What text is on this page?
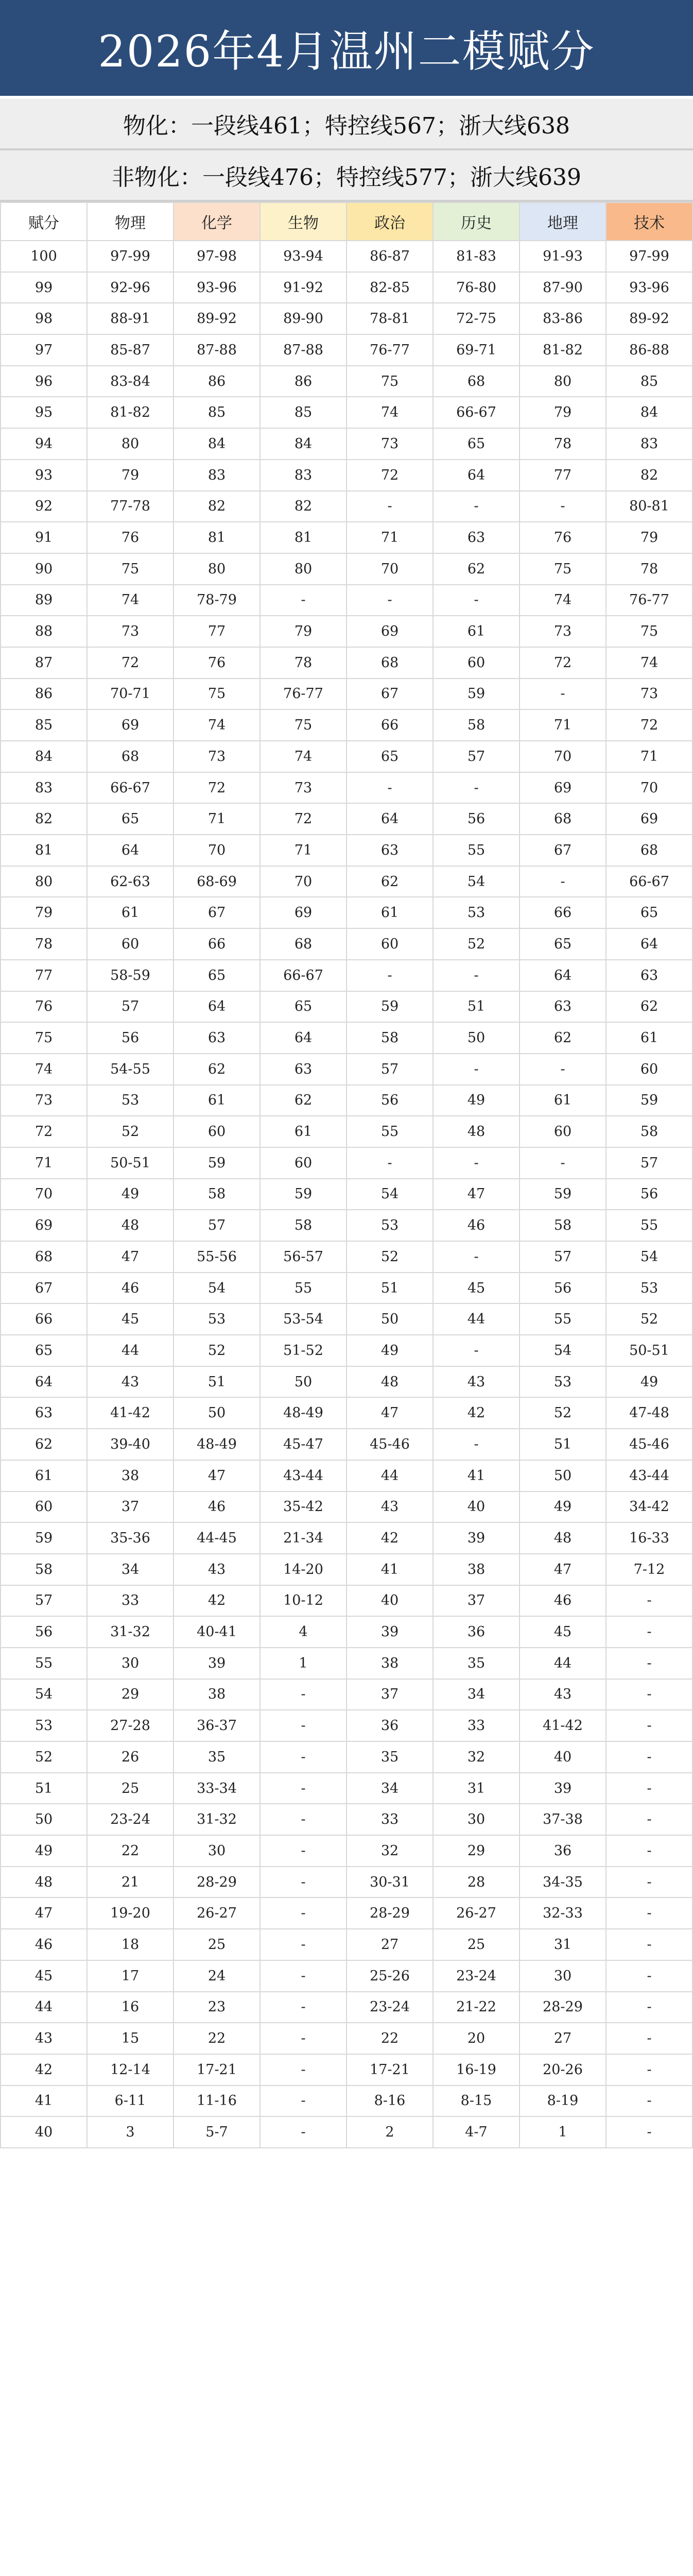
2026年4月温州二模赋分
物化：一段线461；特控线567；浙大线638
非物化：一段线476；特控线577；浙大线639
赋分	物理	化学	生物	政治	历史	地理	技术
100	97-99	97-98	93-94	86-87	81-83	91-93	97-99
99	92-96	93-96	91-92	82-85	76-80	87-90	93-96
98	88-91	89-92	89-90	78-81	72-75	83-86	89-92
97	85-87	87-88	87-88	76-77	69-71	81-82	86-88
96	83-84	86	86	75	68	80	85
95	81-82	85	85	74	66-67	79	84
94	80	84	84	73	65	78	83
93	79	83	83	72	64	77	82
92	77-78	82	82	-	-	-	80-81
91	76	81	81	71	63	76	79
90	75	80	80	70	62	75	78
89	74	78-79	-	-	-	74	76-77
88	73	77	79	69	61	73	75
87	72	76	78	68	60	72	74
86	70-71	75	76-77	67	59	-	73
85	69	74	75	66	58	71	72
84	68	73	74	65	57	70	71
83	66-67	72	73	-	-	69	70
82	65	71	72	64	56	68	69
81	64	70	71	63	55	67	68
80	62-63	68-69	70	62	54	-	66-67
79	61	67	69	61	53	66	65
78	60	66	68	60	52	65	64
77	58-59	65	66-67	-	-	64	63
76	57	64	65	59	51	63	62
75	56	63	64	58	50	62	61
74	54-55	62	63	57	-	-	60
73	53	61	62	56	49	61	59
72	52	60	61	55	48	60	58
71	50-51	59	60	-	-	-	57
70	49	58	59	54	47	59	56
69	48	57	58	53	46	58	55
68	47	55-56	56-57	52	-	57	54
67	46	54	55	51	45	56	53
66	45	53	53-54	50	44	55	52
65	44	52	51-52	49	-	54	50-51
64	43	51	50	48	43	53	49
63	41-42	50	48-49	47	42	52	47-48
62	39-40	48-49	45-47	45-46	-	51	45-46
61	38	47	43-44	44	41	50	43-44
60	37	46	35-42	43	40	49	34-42
59	35-36	44-45	21-34	42	39	48	16-33
58	34	43	14-20	41	38	47	7-12
57	33	42	10-12	40	37	46	-
56	31-32	40-41	4	39	36	45	-
55	30	39	1	38	35	44	-
54	29	38	-	37	34	43	-
53	27-28	36-37	-	36	33	41-42	-
52	26	35	-	35	32	40	-
51	25	33-34	-	34	31	39	-
50	23-24	31-32	-	33	30	37-38	-
49	22	30	-	32	29	36	-
48	21	28-29	-	30-31	28	34-35	-
47	19-20	26-27	-	28-29	26-27	32-33	-
46	18	25	-	27	25	31	-
45	17	24	-	25-26	23-24	30	-
44	16	23	-	23-24	21-22	28-29	-
43	15	22	-	22	20	27	-
42	12-14	17-21	-	17-21	16-19	20-26	-
41	6-11	11-16	-	8-16	8-15	8-19	-
40	3	5-7	-	2	4-7	1	-
